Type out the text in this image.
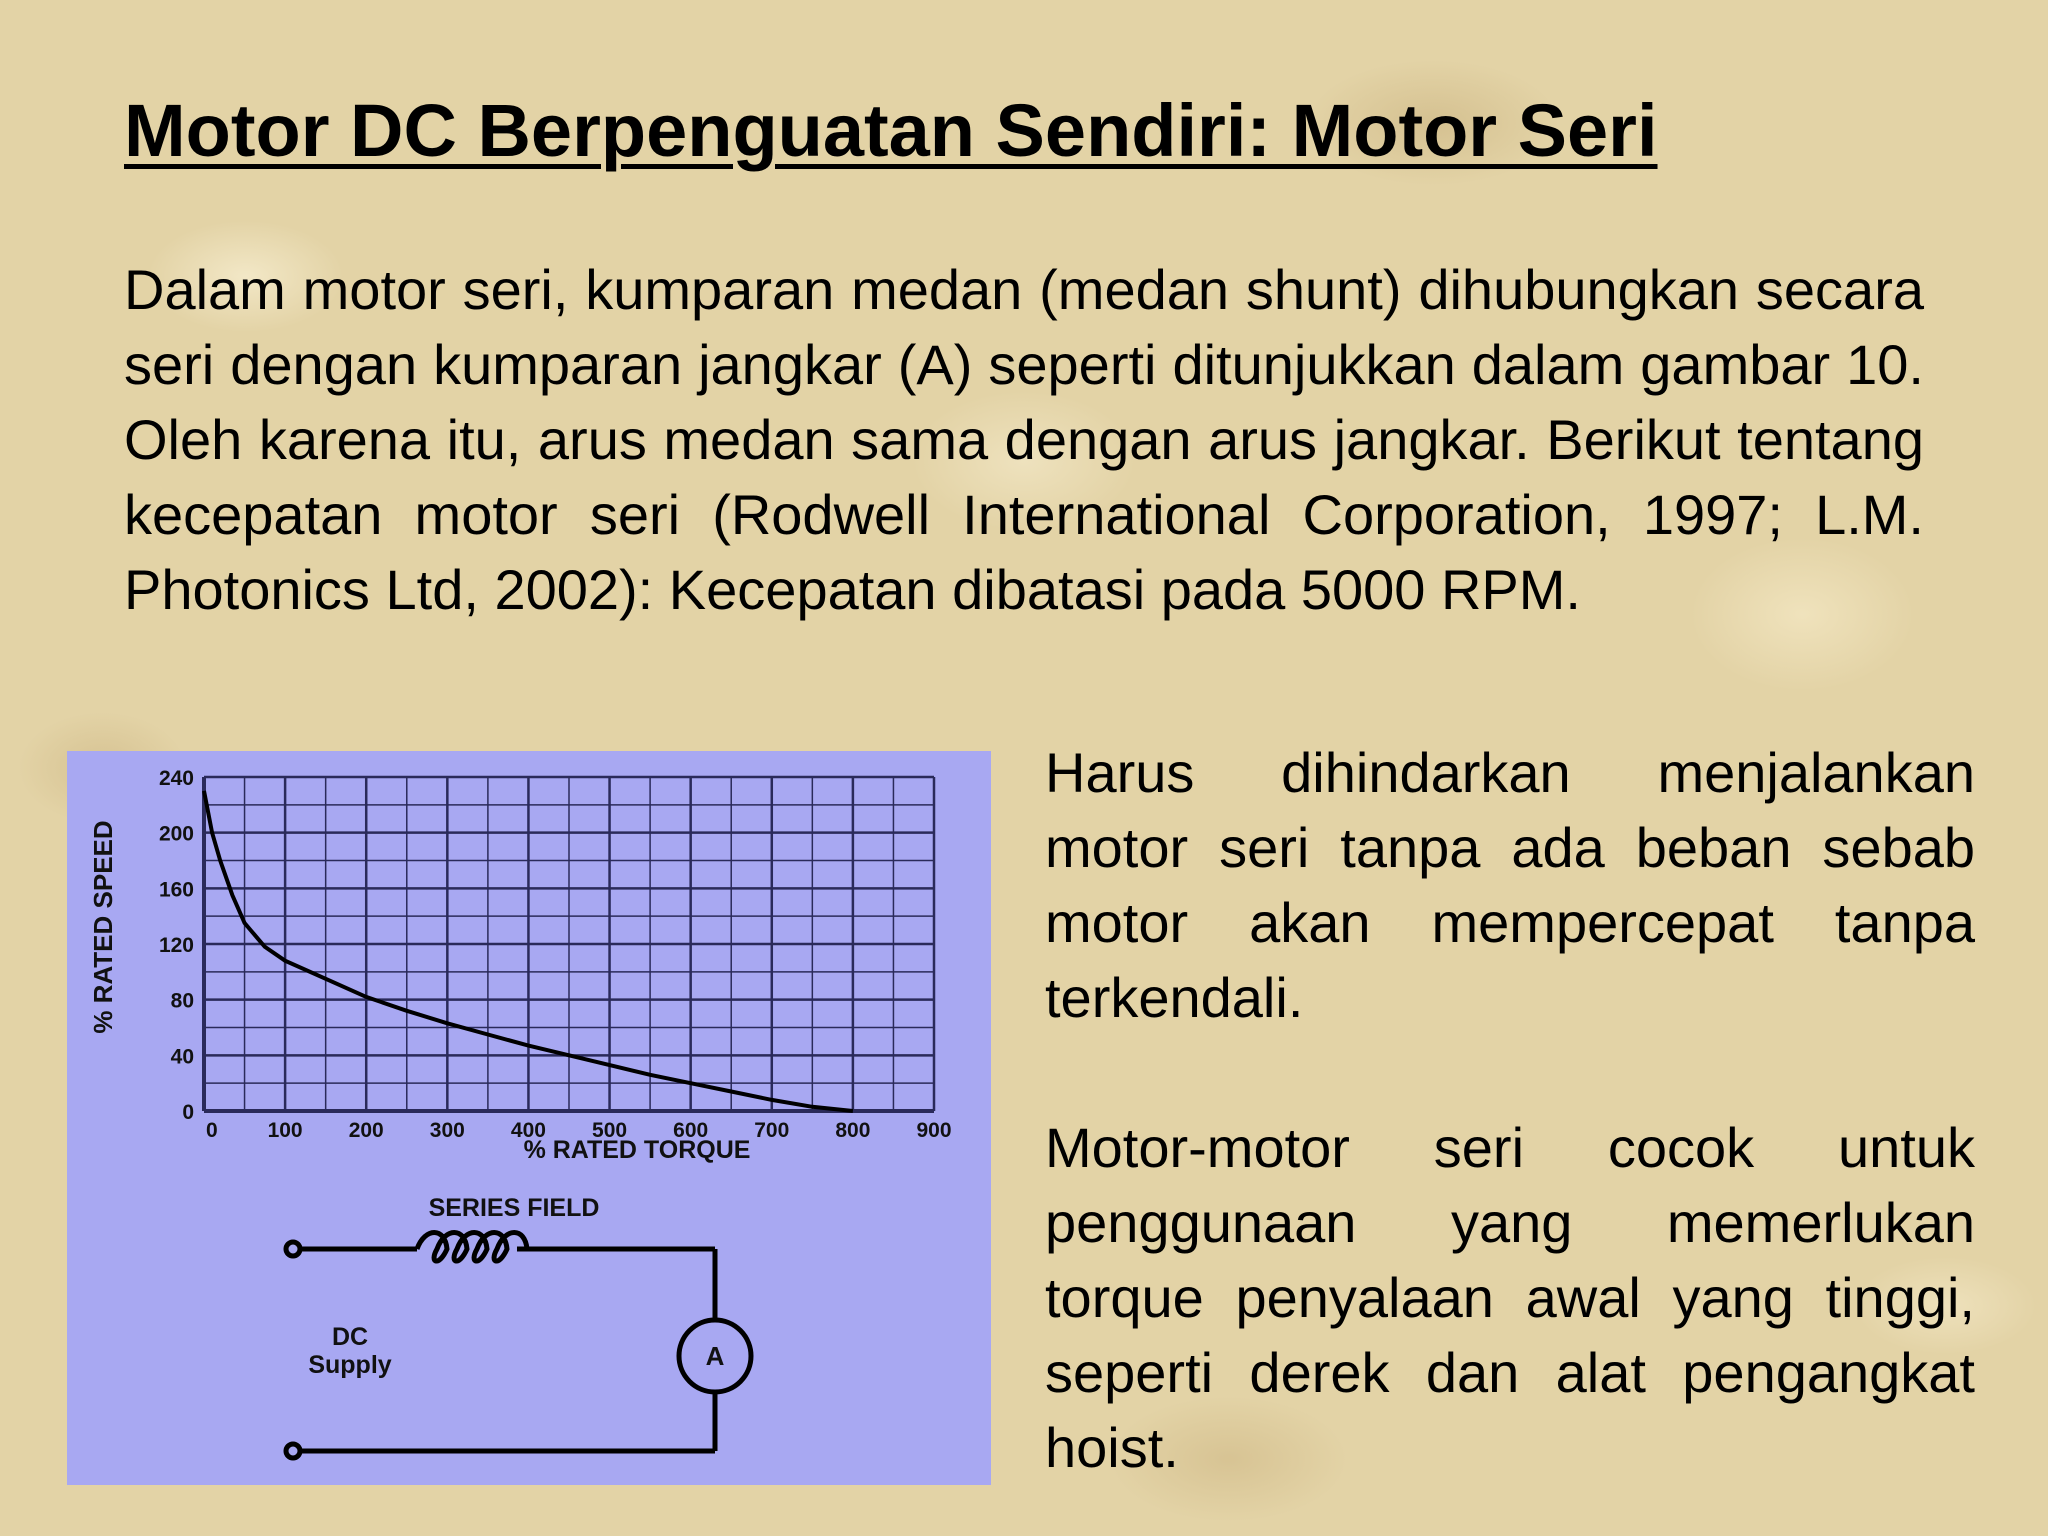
Motor DC Berpenguatan Sendiri: Motor Seri

Dalam motor seri, kumparan medan (medan shunt) dihubungkan secara seri dengan kumparan jangkar (A) seperti ditunjukkan dalam gambar 10. Oleh karena itu, arus medan sama dengan arus jangkar. Berikut tentang kecepatan motor seri (Rodwell International Corporation, 1997; L.M. Photonics Ltd, 2002): Kecepatan dibatasi pada 5000 RPM.

Harus dihindarkan menjalankan motor seri tanpa ada beban sebab motor akan mempercepat tanpa terkendali.

Motor-motor seri cocok untuk penggunaan yang memerlukan torque penyalaan awal yang tinggi, seperti derek dan alat pengangkat hoist.

0 100 200 300 400 500 600 700 800 900
0
40
80
120
160
200
240
% RATED SPEED
% RATED TORQUE
SERIES FIELD
DC
Supply	A
